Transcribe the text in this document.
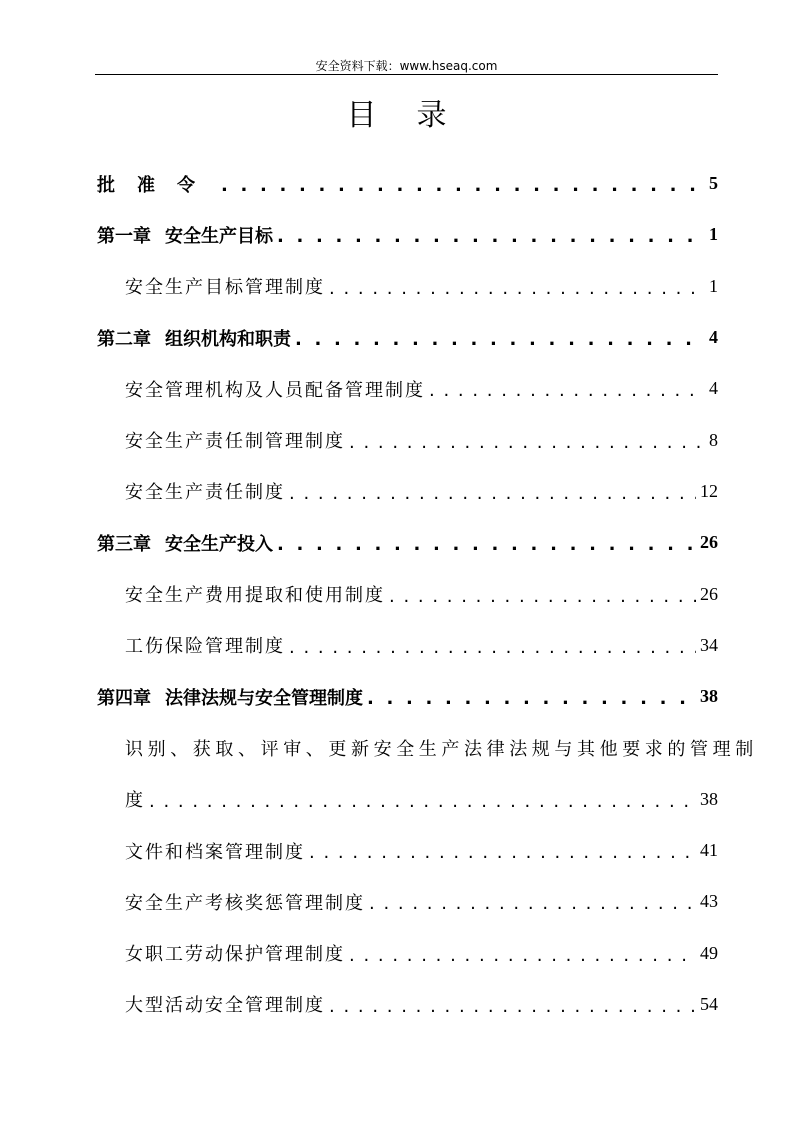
安全资料下载：www.hseaq.com
目录
批准令 . . .	5
第一章 安全生产目标 . . .	1
安全生产目标管理制度 . . .	1
第二章 组织机构和职责 . . .	4
安全管理机构及人员配备管理制度 . . .	4
安全生产责任制管理制度 . . .	8
安全生产责任制度 . . .	12
第三章 安全生产投入 . . .	26
安全生产费用提取和使用制度 . . .	26
工伤保险管理制度 . . .	34
第四章 法律法规与安全管理制度 . . .	38
识别、获取、评审、更新安全生产法律法规与其他要求的管理制
度 . . .	38
文件和档案管理制度 . . .	41
安全生产考核奖惩管理制度 . . .	43
女职工劳动保护管理制度 . . .	49
大型活动安全管理制度 . . .	54
